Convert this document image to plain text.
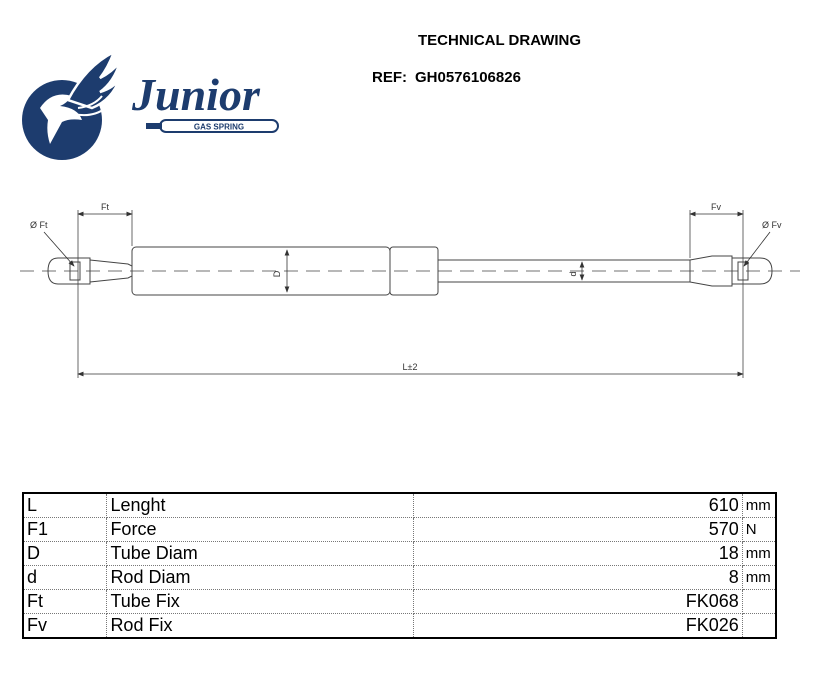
TECHNICAL DRAWING
REF: GH0576106826
Junior
GAS SPRING
D	d
Ft	Fv
Ø Ft	Ø Fv
L±2
L	Lenght	610	mm
F1	Force	570	N
D	Tube Diam	18	mm
d	Rod Diam	8	mm
Ft	Tube Fix	FK068	
Fv	Rod Fix	FK026	
